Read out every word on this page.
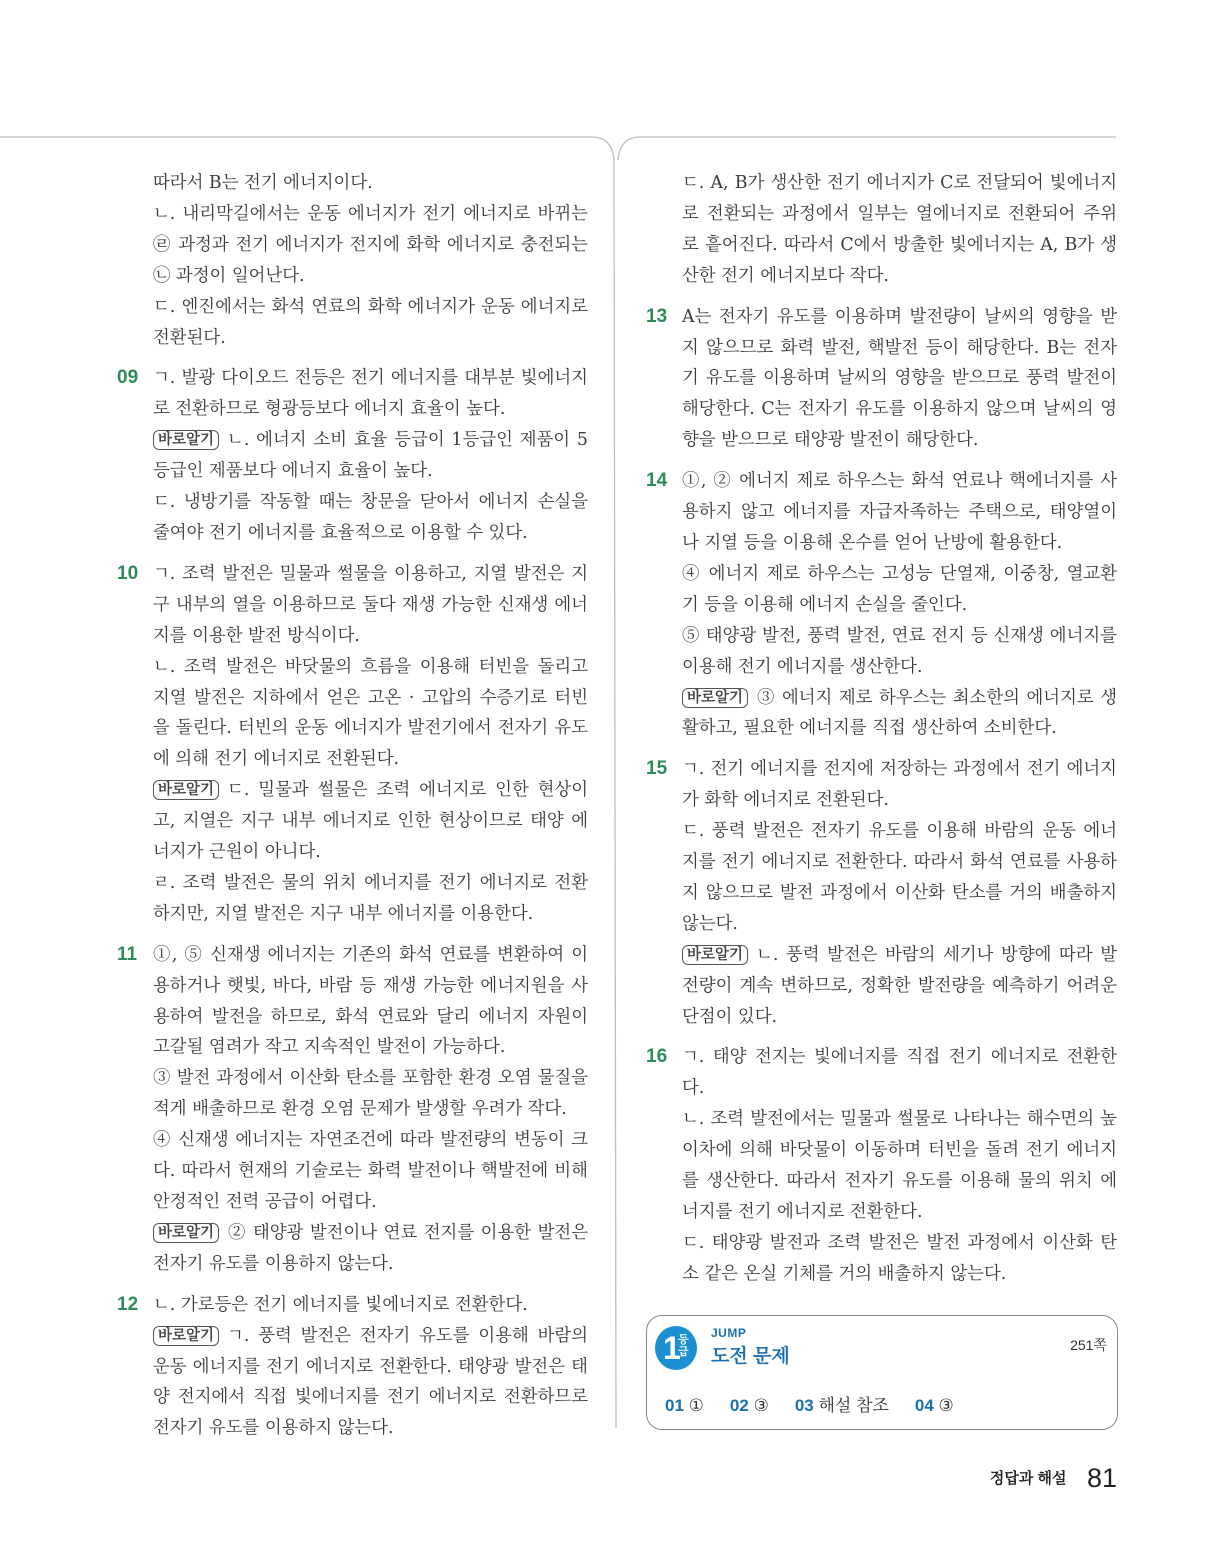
따라서 B는 전기 에너지이다.

ㄴ. 내리막길에서는 운동 에너지가 전기 에너지로 바뀌는 ㉣ 과정과 전기 에너지가 전지에 화학 에너지로 충전되는 ㉡ 과정이 일어난다.

ㄷ. 엔진에서는 화석 연료의 화학 에너지가 운동 에너지로 전환된다.

09 ㄱ. 발광 다이오드 전등은 전기 에너지를 대부분 빛에너지로 전환하므로 형광등보다 에너지 효율이 높다.

바로알기 ㄴ. 에너지 소비 효율 등급이 1등급인 제품이 5등급인 제품보다 에너지 효율이 높다.

ㄷ. 냉방기를 작동할 때는 창문을 닫아서 에너지 손실을 줄여야 전기 에너지를 효율적으로 이용할 수 있다.

10 ㄱ. 조력 발전은 밀물과 썰물을 이용하고, 지열 발전은 지구 내부의 열을 이용하므로 둘다 재생 가능한 신재생 에너지를 이용한 발전 방식이다.

ㄴ. 조력 발전은 바닷물의 흐름을 이용해 터빈을 돌리고 지열 발전은 지하에서 얻은 고온 · 고압의 수증기로 터빈을 돌린다. 터빈의 운동 에너지가 발전기에서 전자기 유도에 의해 전기 에너지로 전환된다.

바로알기 ㄷ. 밀물과 썰물은 조력 에너지로 인한 현상이고, 지열은 지구 내부 에너지로 인한 현상이므로 태양 에너지가 근원이 아니다.

ㄹ. 조력 발전은 물의 위치 에너지를 전기 에너지로 전환하지만, 지열 발전은 지구 내부 에너지를 이용한다.

11 ①, ⑤ 신재생 에너지는 기존의 화석 연료를 변환하여 이용하거나 햇빛, 바다, 바람 등 재생 가능한 에너지원을 사용하여 발전을 하므로, 화석 연료와 달리 에너지 자원이 고갈될 염려가 작고 지속적인 발전이 가능하다.

③ 발전 과정에서 이산화 탄소를 포함한 환경 오염 물질을 적게 배출하므로 환경 오염 문제가 발생할 우려가 작다.

④ 신재생 에너지는 자연조건에 따라 발전량의 변동이 크다. 따라서 현재의 기술로는 화력 발전이나 핵발전에 비해 안정적인 전력 공급이 어렵다.

바로알기 ② 태양광 발전이나 연료 전지를 이용한 발전은 전자기 유도를 이용하지 않는다.

12 ㄴ. 가로등은 전기 에너지를 빛에너지로 전환한다.

바로알기 ㄱ. 풍력 발전은 전자기 유도를 이용해 바람의 운동 에너지를 전기 에너지로 전환한다. 태양광 발전은 태양 전지에서 직접 빛에너지를 전기 에너지로 전환하므로 전자기 유도를 이용하지 않는다.

ㄷ. A, B가 생산한 전기 에너지가 C로 전달되어 빛에너지로 전환되는 과정에서 일부는 열에너지로 전환되어 주위로 흩어진다. 따라서 C에서 방출한 빛에너지는 A, B가 생산한 전기 에너지보다 작다.

13 A는 전자기 유도를 이용하며 발전량이 날씨의 영향을 받지 않으므로 화력 발전, 핵발전 등이 해당한다. B는 전자기 유도를 이용하며 날씨의 영향을 받으므로 풍력 발전이 해당한다. C는 전자기 유도를 이용하지 않으며 날씨의 영향을 받으므로 태양광 발전이 해당한다.

14 ①, ② 에너지 제로 하우스는 화석 연료나 핵에너지를 사용하지 않고 에너지를 자급자족하는 주택으로, 태양열이나 지열 등을 이용해 온수를 얻어 난방에 활용한다.

④ 에너지 제로 하우스는 고성능 단열재, 이중창, 열교환기 등을 이용해 에너지 손실을 줄인다.

⑤ 태양광 발전, 풍력 발전, 연료 전지 등 신재생 에너지를 이용해 전기 에너지를 생산한다.

바로알기 ③ 에너지 제로 하우스는 최소한의 에너지로 생활하고, 필요한 에너지를 직접 생산하여 소비한다.

15 ㄱ. 전기 에너지를 전지에 저장하는 과정에서 전기 에너지가 화학 에너지로 전환된다.

ㄷ. 풍력 발전은 전자기 유도를 이용해 바람의 운동 에너지를 전기 에너지로 전환한다. 따라서 화석 연료를 사용하지 않으므로 발전 과정에서 이산화 탄소를 거의 배출하지 않는다.

바로알기 ㄴ. 풍력 발전은 바람의 세기나 방향에 따라 발전량이 계속 변하므로, 정확한 발전량을 예측하기 어려운 단점이 있다.

16 ㄱ. 태양 전지는 빛에너지를 직접 전기 에너지로 전환한다.

ㄴ. 조력 발전에서는 밀물과 썰물로 나타나는 해수면의 높이차에 의해 바닷물이 이동하며 터빈을 돌려 전기 에너지를 생산한다. 따라서 전자기 유도를 이용해 물의 위치 에너지를 전기 에너지로 전환한다.

ㄷ. 태양광 발전과 조력 발전은 발전 과정에서 이산화 탄소 같은 온실 기체를 거의 배출하지 않는다.

1
등급
JUMP
도전 문제
251쪽
01 ① 02 ③ 03 해설 참조 04 ③
정답과 해설 81
